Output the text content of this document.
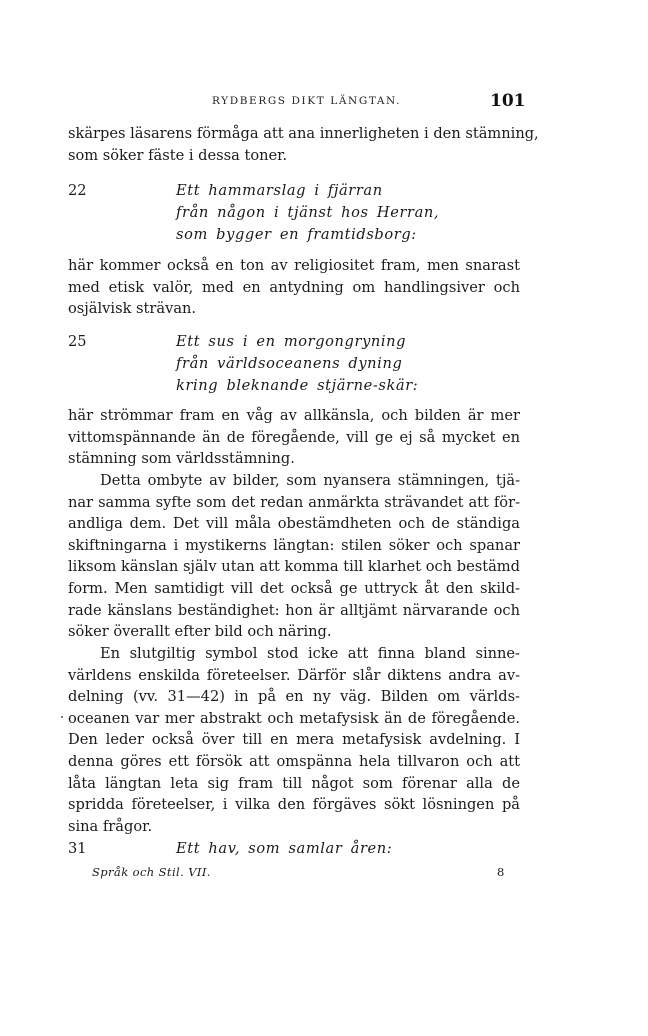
RYDBERGS DIKT LÄNGTAN.	101
skärpes läsarens förmåga att ana innerligheten i den stämning,
som söker fäste i dessa toner.
22	Ett hammarslag i fjärran
från någon i tjänst hos Herran,
som bygger en framtidsborg:
här kommer också en ton av religiositet fram, men snarast
med etisk valör, med en antydning om handlingsiver och
osjälvisk strävan.
25	Ett sus i en morgongryning
från världsoceanens dyning
kring bleknande stjärne-skär:
här strömmar fram en våg av allkänsla, och bilden är mer
vittomspännande än de föregående, vill ge ej så mycket en
stämning som världsstämning.
Detta ombyte av bilder, som nyansera stämningen, tjä-
nar samma syfte som det redan anmärkta strävandet att för-
andliga dem. Det vill måla obestämdheten och de ständiga
skiftningarna i mystikerns längtan: stilen söker och spanar
liksom känslan själv utan att komma till klarhet och bestämd
form. Men samtidigt vill det också ge uttryck åt den skild-
rade känslans beständighet: hon är alltjämt närvarande och
söker överallt efter bild och näring.
En slutgiltig symbol stod icke att finna bland sinne-
världens enskilda företeelser. Därför slår diktens andra av-
delning (vv. 31—42) in på en ny väg. Bilden om världs-
oceanen var mer abstrakt och metafysisk än de föregående.
Den leder också över till en mera metafysisk avdelning. I
denna göres ett försök att omspänna hela tillvaron och att
låta längtan leta sig fram till något som förenar alla de
spridda företeelser, i vilka den förgäves sökt lösningen på
sina frågor.
31	Ett hav, som samlar åren:
Språk och Stil. VII.	8
